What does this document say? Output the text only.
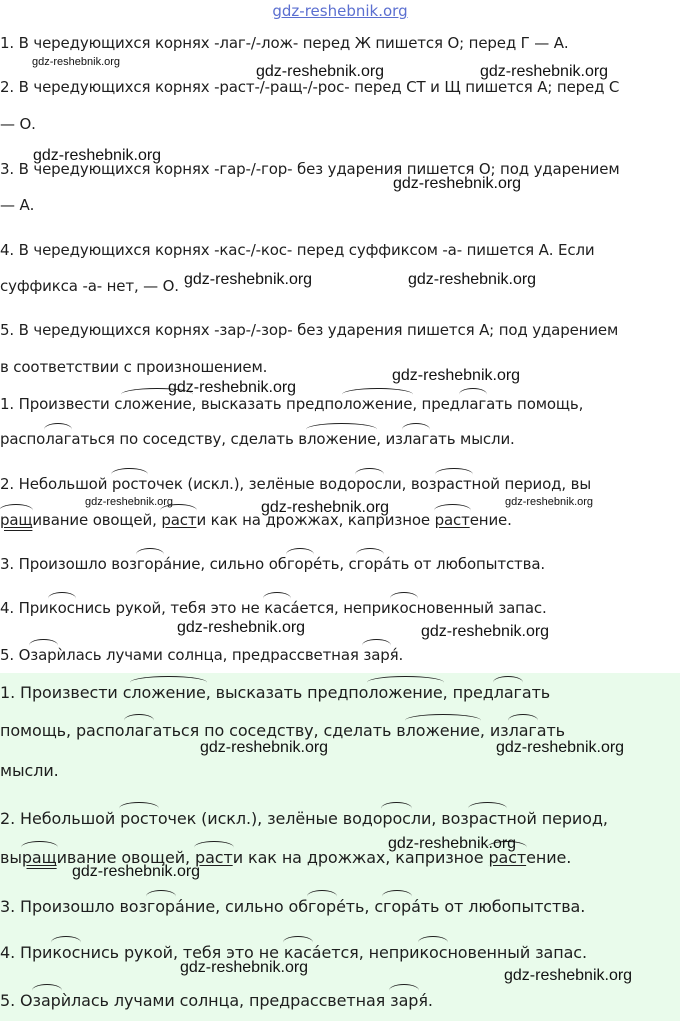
gdz-reshebnik.org
1. В чередующихся корнях -лаг-/-лож- перед Ж пишется О; перед Г — А.
2. В чередующихся корнях -раст-/-ращ-/-рос- перед СТ и Щ пишется А; перед С
— О.
3. В чередующихся корнях -гар-/-гор- без ударения пишется О; под ударением
— А.
4. В чередующихся корнях -кас-/-кос- перед суффиксом -а- пишется А. Если
суффикса -а- нет, — О.
5. В чередующихся корнях -зар-/-зор- без ударения пишется А; под ударением
в соответствии с произношением.
1. Произвести сложение, высказать предположение, предлагать помощь,
располагаться по соседству, сделать вложение, излагать мысли.
2. Небольшой росточек (искл.), зелёные водоросли, возрастной период, вы
ращивание овощей, расти как на дрожжах, капризное растение.
3. Произошло возгорáние, сильно обгорéть, сгорáть от любопытства.
4. Прикоснись рукой, тебя это не касáется, неприкосновенный запас.
5. Озарѝлась лучами солнца, предрассветная заря́.
1. Произвести сложение, высказать предположение, предлагать
помощь, располагаться по соседству, сделать вложение, излагать
мысли.
2. Небольшой росточек (искл.), зелёные водоросли, возрастной период,
выращивание овощей, расти как на дрожжах, капризное растение.
3. Произошло возгорáние, сильно обгорéть, сгорáть от любопытства.
4. Прикоснись рукой, тебя это не касáется, неприкосновенный запас.
5. Озарѝлась лучами солнца, предрассветная заря́.
gdz-reshebnik.org
gdz-reshebnik.org	gdz-reshebnik.org
gdz-reshebnik.org
gdz-reshebnik.org
gdz-reshebnik.org	gdz-reshebnik.org
gdz-reshebnik.org
gdz-reshebnik.org
gdz-reshebnik.org	gdz-reshebnik.org	gdz-reshebnik.org
gdz-reshebnik.org	gdz-reshebnik.org
gdz-reshebnik.org	gdz-reshebnik.org
gdz-reshebnik.org
gdz-reshebnik.org
gdz-reshebnik.org	gdz-reshebnik.org
